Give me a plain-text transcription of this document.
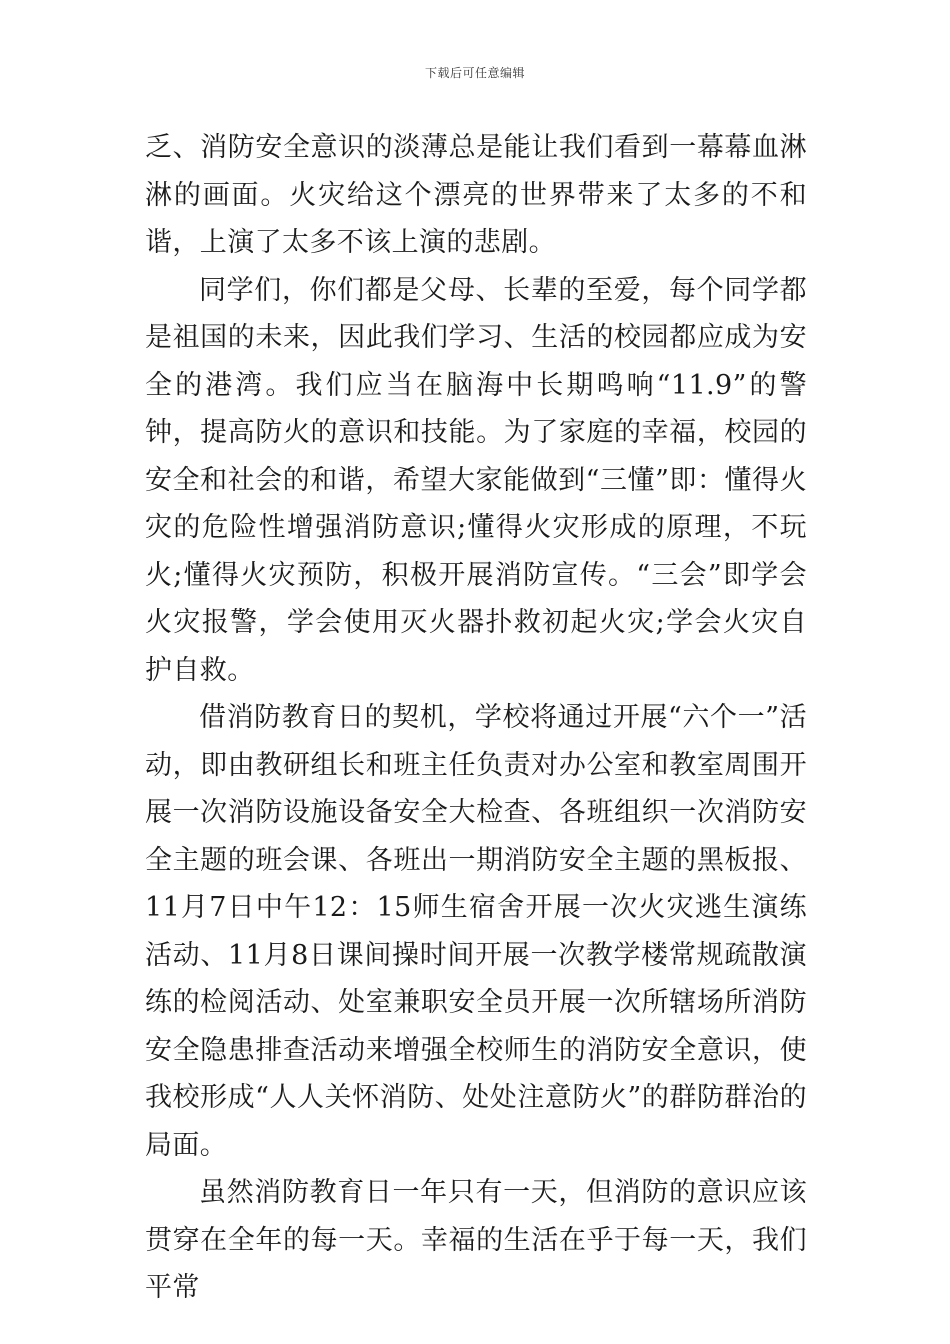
下载后可任意编辑

乏、消防安全意识的淡薄总是能让我们看到一幕幕血淋淋的画面。火灾给这个漂亮的世界带来了太多的不和谐，上演了太多不该上演的悲剧。

同学们，你们都是父母、长辈的至爱，每个同学都是祖国的未来，因此我们学习、生活的校园都应成为安全的港湾。我们应当在脑海中长期鸣响“11.9”的警钟，提高防火的意识和技能。为了家庭的幸福，校园的安全和社会的和谐，希望大家能做到“三懂”即：懂得火灾的危险性增强消防意识;懂得火灾形成的原理，不玩火;懂得火灾预防，积极开展消防宣传。“三会”即学会火灾报警，学会使用灭火器扑救初起火灾;学会火灾自护自救。

借消防教育日的契机，学校将通过开展“六个一”活动，即由教研组长和班主任负责对办公室和教室周围开展一次消防设施设备安全大检查、各班组织一次消防安全主题的班会课、各班出一期消防安全主题的黑板报、11月7日中午12：15师生宿舍开展一次火灾逃生演练活动、11月8日课间操时间开展一次教学楼常规疏散演练的检阅活动、处室兼职安全员开展一次所辖场所消防安全隐患排查活动来增强全校师生的消防安全意识，使我校形成“人人关怀消防、处处注意防火”的群防群治的局面。

虽然消防教育日一年只有一天，但消防的意识应该贯穿在全年的每一天。幸福的生活在乎于每一天，我们平常
